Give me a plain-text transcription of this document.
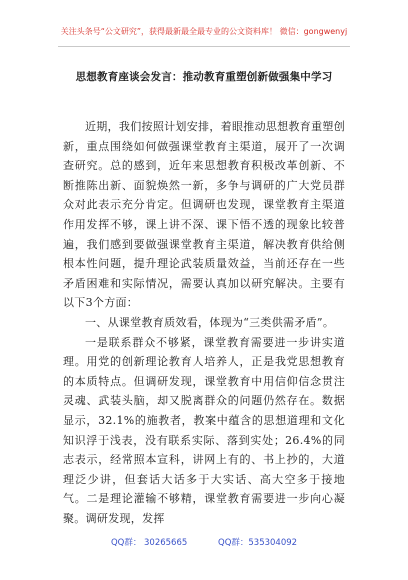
关注头条号“公文研究”，获得最新最全最专业的公文资料库！ 微信：gongwenyj
思想教育座谈会发言：推动教育重塑创新做强集中学习

近期，我们按照计划安排，着眼推动思想教育重塑创新，重点围绕如何做强课堂教育主渠道，展开了一次调查研究。总的感到，近年来思想教育积极改革创新、不断推陈出新、面貌焕然一新，多争与调研的广大党员群众对此表示充分肯定。但调研也发现，课堂教育主渠道作用发挥不够，课上讲不深、课下悟不透的现象比较普遍，我们感到要做强课堂教育主渠道，解决教育供给侧根本性问题，提升理论武装质量效益，当前还存在一些矛盾困难和实际情况，需要认真加以研究解决。主要有以下3个方面：

一、从课堂教育质效看，体现为“三类供需矛盾”。

一是联系群众不够紧，课堂教育需要进一步讲实道理。用党的创新理论教育人培养人，正是我党思想教育的本质特点。但调研发现，课堂教育中用信仰信念贯注灵魂、武装头脑，却又脱离群众的问题仍然存在。数据显示，32.1%的施教者，教案中蕴含的思想道理和文化知识浮于浅表，没有联系实际、落到实处；26.4%的同志表示，经常照本宣科，讲网上有的、书上抄的，大道理泛少讲，但套话大话多于大实话、高大空多于接地气。二是理论灌输不够精，课堂教育需要进一步向心凝聚。调研发现，发挥

QQ群： 30265665	QQ群：535304092
